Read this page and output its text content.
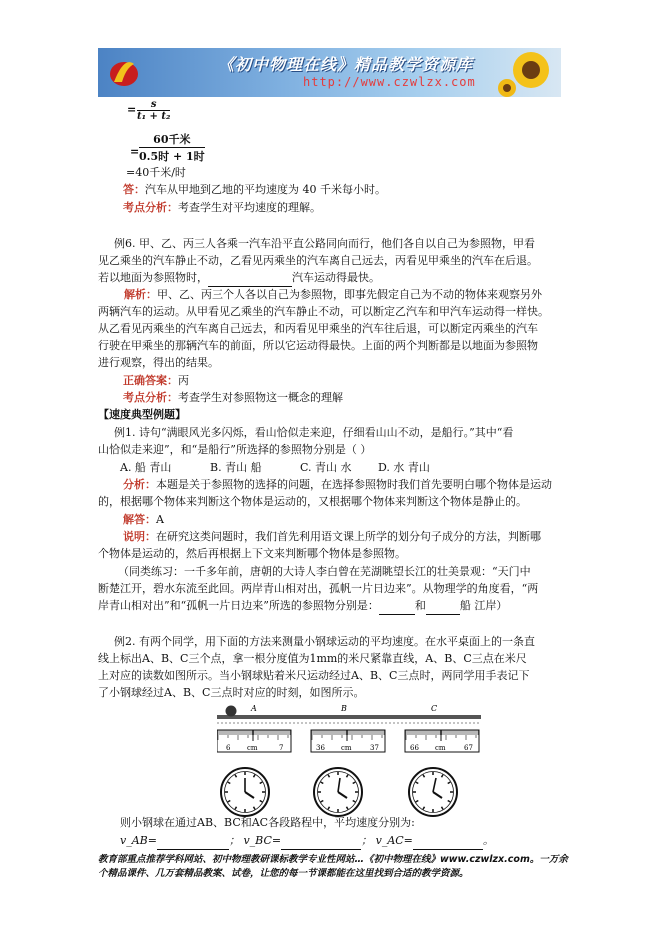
《初中物理在线》精品教学资源库
http://www.czwlzx.com
= $\frac{s}{\text{t₁ + t₂}}$
=
60千米
0.5时 + 1时
=40千米/时
答：汽车从甲地到乙地的平均速度为 40 千米每小时。
考点分析：考查学生对平均速度的理解。
例6. 甲、乙、丙三人各乘一汽车沿平直公路同向而行，他们各自以自己为参照物，甲看
见乙乘坐的汽车静止不动，乙看见丙乘坐的汽车离自己远去，丙看见甲乘坐的汽车在后退。
若以地面为参照物时，	汽车运动得最快。
解析：甲、乙、丙三个人各以自己为参照物，即事先假定自己为不动的物体来观察另外
两辆汽车的运动。从甲看见乙乘坐的汽车静止不动，可以断定乙汽车和甲汽车运动得一样快。
从乙看见丙乘坐的汽车离自己远去，和丙看见甲乘坐的汽车往后退，可以断定丙乘坐的汽车
行驶在甲乘坐的那辆汽车的前面，所以它运动得最快。上面的两个判断都是以地面为参照物
进行观察，得出的结果。
正确答案：丙
考点分析：考查学生对参照物这一概念的理解
【速度典型例题】
例1. 诗句“满眼风光多闪烁，看山恰似走来迎，仔细看山山不动，是船行。”其中“看
山恰似走来迎”，和“是船行”所选择的参照物分别是（ ）
A. 船 青山	B. 青山 船	C. 青山 水 D. 水 青山
分析：本题是关于参照物的选择的问题，在选择参照物时我们首先要明白哪个物体是运动
的，根据哪个物体来判断这个物体是运动的，又根据哪个物体来判断这个物体是静止的。
解答：A
说明：在研究这类问题时，我们首先利用语文课上所学的划分句子成分的方法，判断哪
个物体是运动的，然后再根据上下文来判断哪个物体是参照物。
（同类练习：一千多年前，唐朝的大诗人李白曾在芜湖眺望长江的壮美景观：“天门中
断楚江开，碧水东流至此回。两岸青山相对出，孤帆一片日边来”。从物理学的角度看，“两
岸青山相对出”和“孤帆一片日边来”所选的参照物分别是：	和	船 江岸）
例2. 有两个同学，用下面的方法来测量小钢球运动的平均速度。在水平桌面上的一条直
线上标出A、B、C三个点，拿一根分度值为1mm的米尺紧靠直线，A、B、C三点在米尺
上对应的读数如图所示。当小钢球贴着米尺运动经过A、B、C三点时，两同学用手表记下
了小钢球经过A、B、C三点时对应的时刻，如图所示。
A	B	C
6 cm	7	36 cm	37	66 cm	67
则小钢球在通过AB、BC和AC各段路程中，平均速度分别为:
v_AB=	； v_BC=	； v_AC=	。
教育部重点推荐学科网站、初中物理教研课标教学专业性网站…《初中物理在线》www.czwlzx.com。一万余
个精品课件、几万套精品教案、试卷，让您的每一节课都能在这里找到合适的教学资源。
